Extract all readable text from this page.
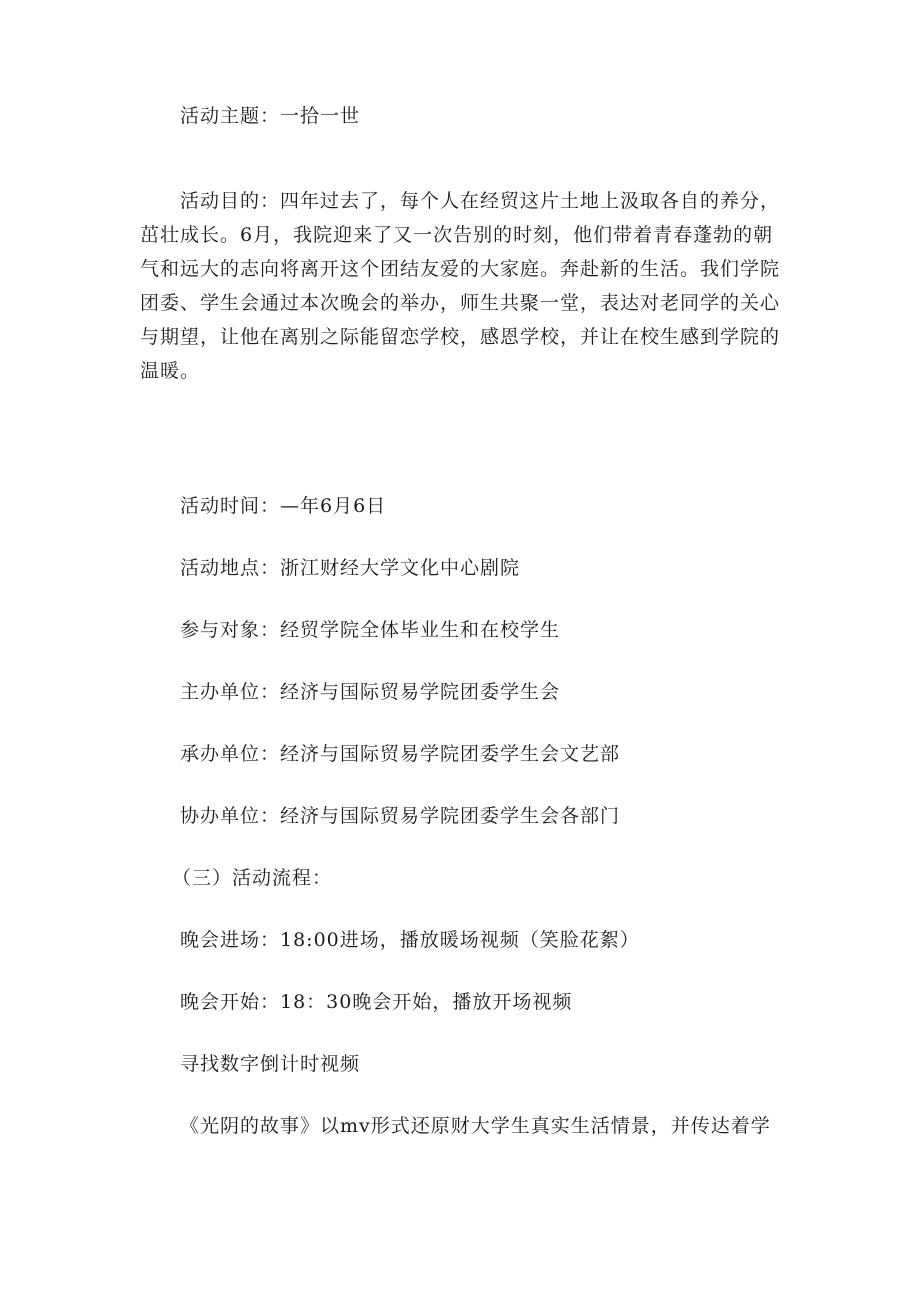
活动主题：一拾一世
活动目的：四年过去了，每个人在经贸这片土地上汲取各自的养分，
茁壮成长。6月，我院迎来了又一次告别的时刻，他们带着青春蓬勃的朝
气和远大的志向将离开这个团结友爱的大家庭。奔赴新的生活。我们学院
团委、学生会通过本次晚会的举办，师生共聚一堂，表达对老同学的关心
与期望，让他在离别之际能留恋学校，感恩学校，并让在校生感到学院的
温暖。
活动时间：—年6月6日
活动地点：浙江财经大学文化中心剧院
参与对象：经贸学院全体毕业生和在校学生
主办单位：经济与国际贸易学院团委学生会
承办单位：经济与国际贸易学院团委学生会文艺部
协办单位：经济与国际贸易学院团委学生会各部门
（三）活动流程：
晚会进场：18:00进场，播放暖场视频（笑脸花絮）
晚会开始：18：30晚会开始，播放开场视频
寻找数字倒计时视频
《光阴的故事》以mv形式还原财大学生真实生活情景，并传达着学
